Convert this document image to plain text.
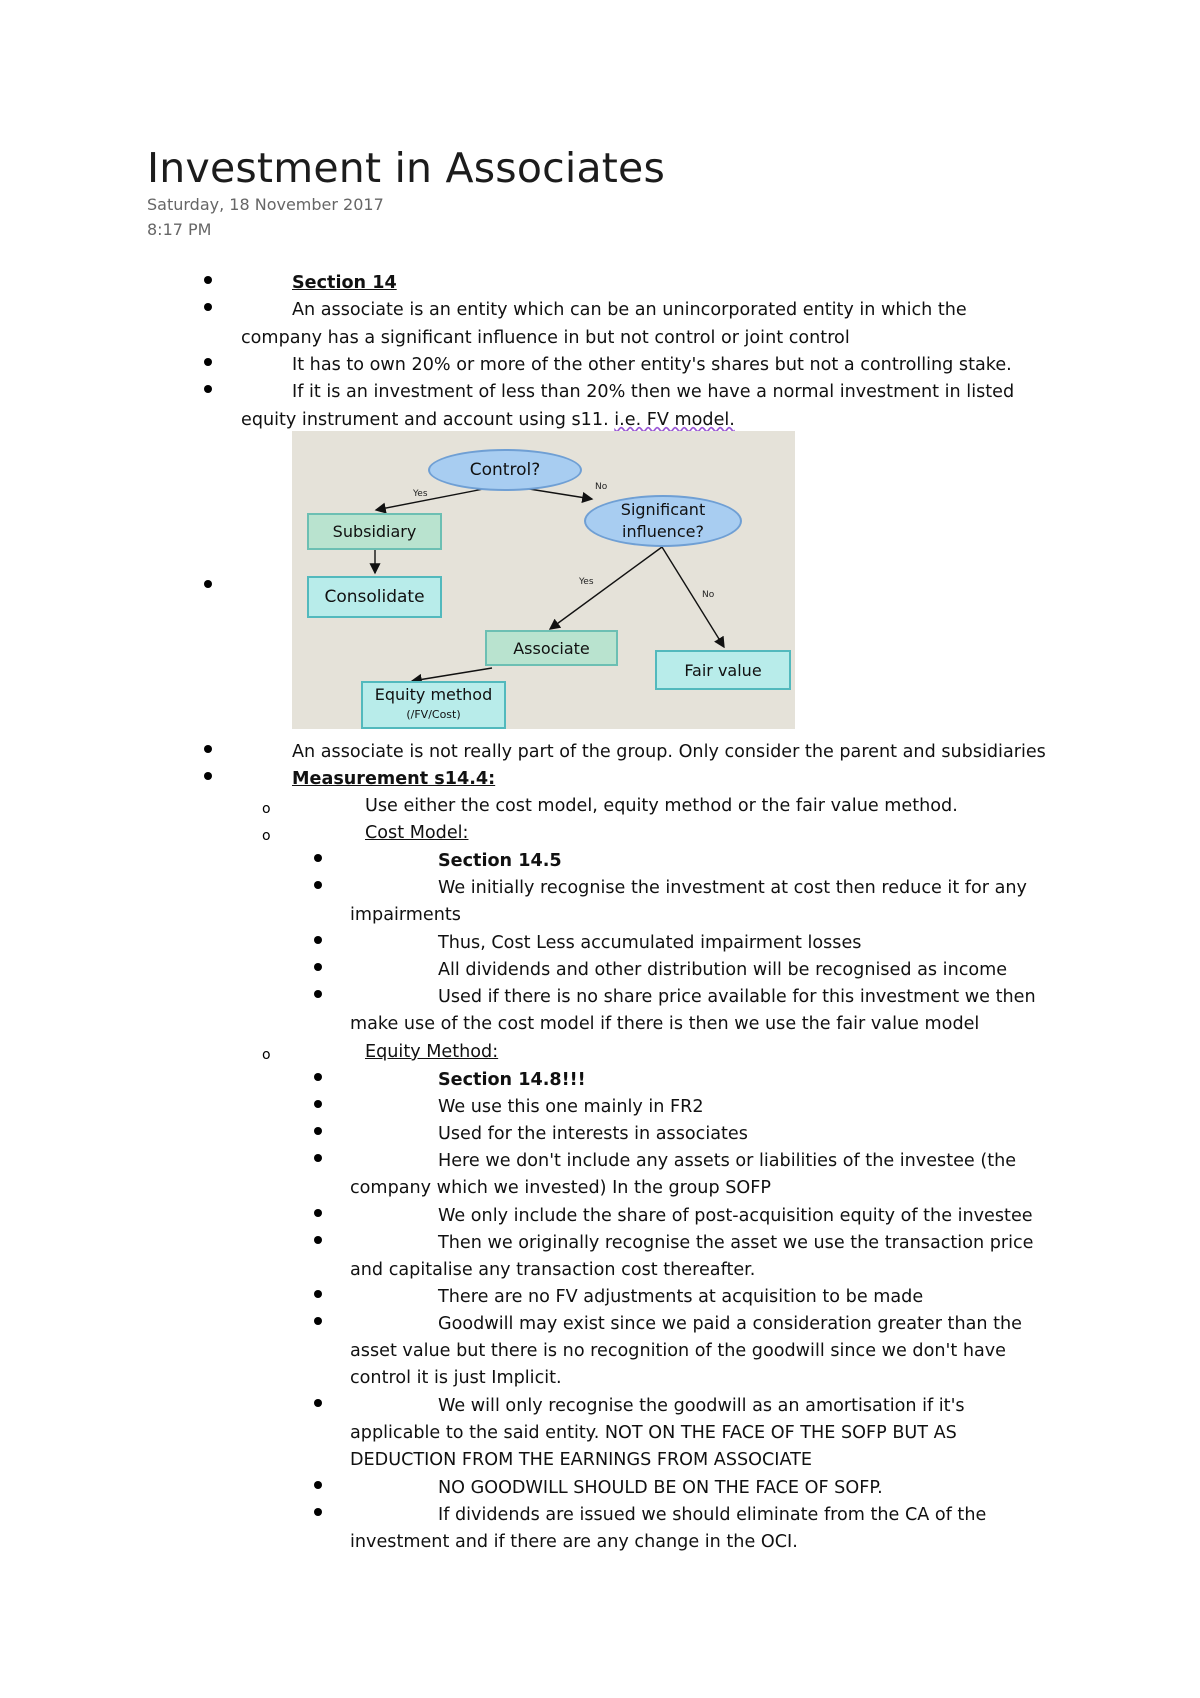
Investment in Associates
Saturday, 18 November 2017
8:17 PM
Section 14
An associate is an entity which can be an unincorporated entity in which the
company has a significant influence in but not control or joint control
It has to own 20% or more of the other entity's shares but not a controlling stake.
If it is an investment of less than 20% then we have a normal investment in listed
equity instrument and account using s11. i.e. FV model.
Control?
Significant
influence?
Subsidiary
Consolidate
Associate
Fair value
Equity method
(/FV/Cost)
Yes
No
Yes
No
An associate is not really part of the group. Only consider the parent and subsidiaries
Measurement s14.4:
o	Use either the cost model, equity method or the fair value method.
o	Cost Model:
Section 14.5
We initially recognise the investment at cost then reduce it for any
impairments
Thus, Cost Less accumulated impairment losses
All dividends and other distribution will be recognised as income
Used if there is no share price available for this investment we then
make use of the cost model if there is then we use the fair value model
o	Equity Method:
Section 14.8!!!
We use this one mainly in FR2
Used for the interests in associates
Here we don't include any assets or liabilities of the investee (the
company which we invested) In the group SOFP
We only include the share of post-acquisition equity of the investee
Then we originally recognise the asset we use the transaction price
and capitalise any transaction cost thereafter.
There are no FV adjustments at acquisition to be made
Goodwill may exist since we paid a consideration greater than the
asset value but there is no recognition of the goodwill since we don't have
control it is just Implicit.
We will only recognise the goodwill as an amortisation if it's
applicable to the said entity. NOT ON THE FACE OF THE SOFP BUT AS
DEDUCTION FROM THE EARNINGS FROM ASSOCIATE
NO GOODWILL SHOULD BE ON THE FACE OF SOFP.
If dividends are issued we should eliminate from the CA of the
investment and if there are any change in the OCI.
